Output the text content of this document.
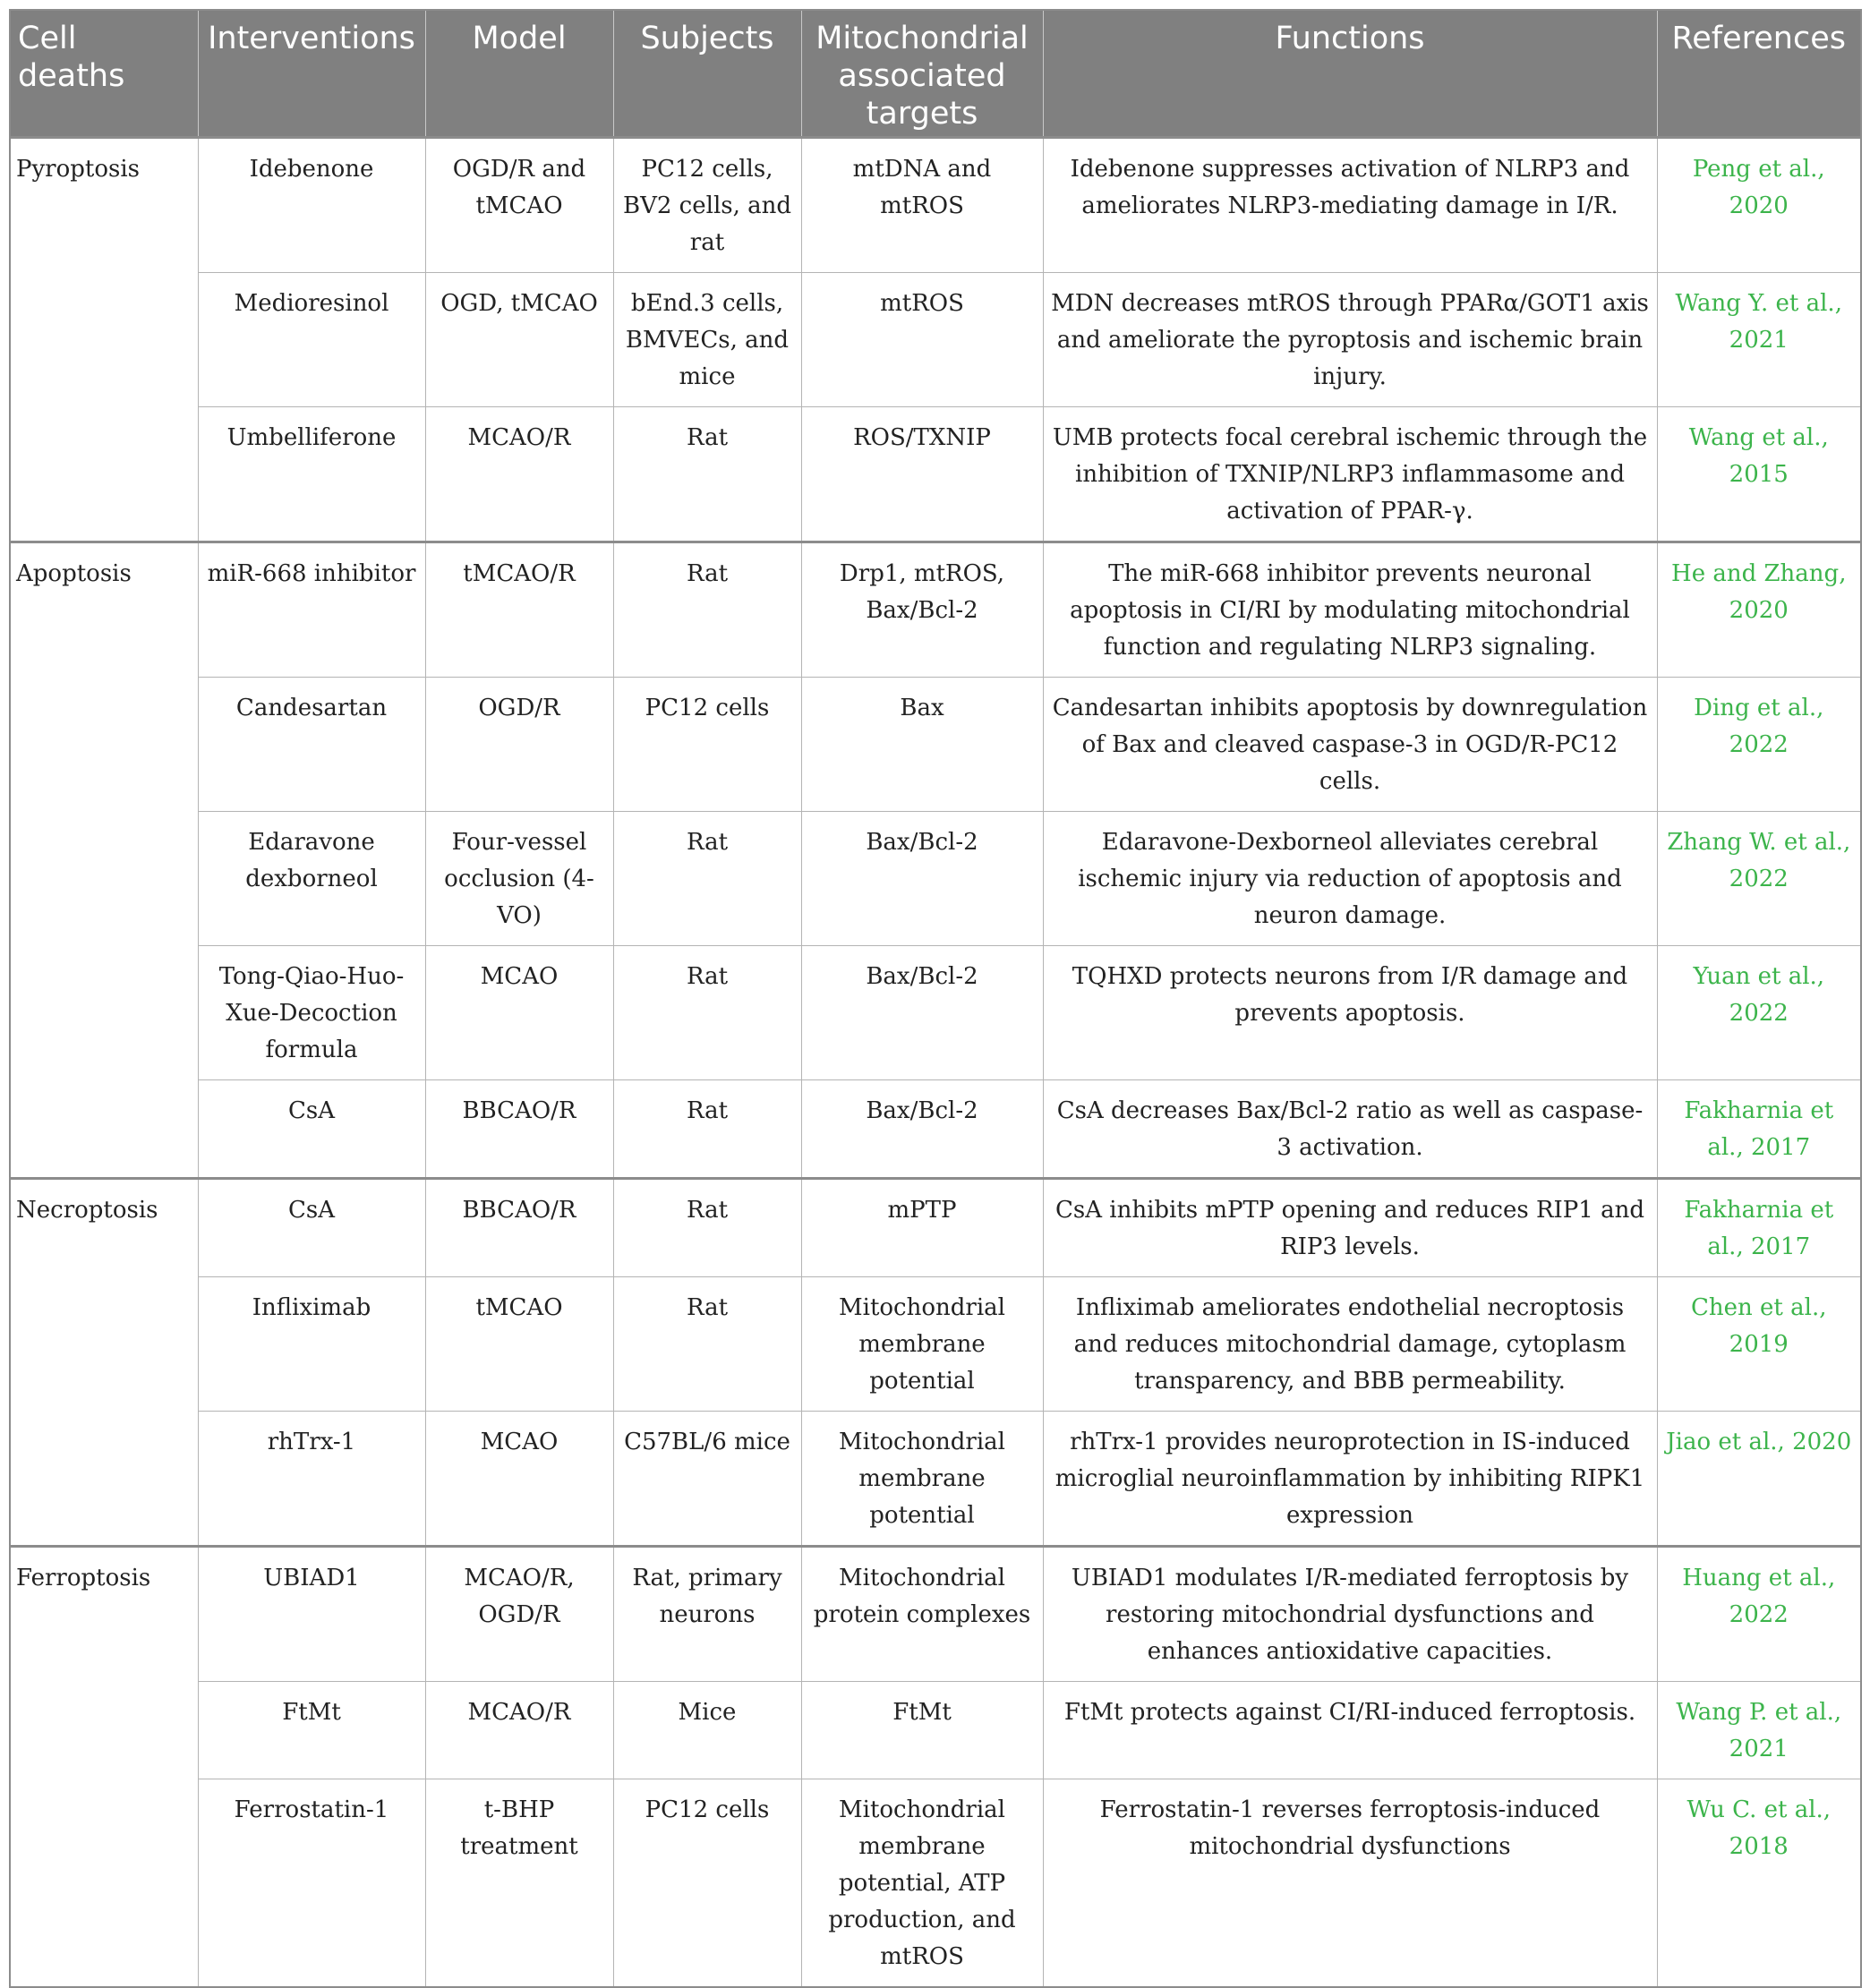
Cell deaths	Interventions	Model	Subjects	Mitochondrial associated targets	Functions	References
Pyroptosis	Idebenone	OGD/R and tMCAO	PC12 cells, BV2 cells, and rat	mtDNA and mtROS	Idebenone suppresses activation of NLRP3 and ameliorates NLRP3-mediating damage in I/R.	Peng et al., 2020
	Medioresinol	OGD, tMCAO	bEnd.3 cells, BMVECs, and mice	mtROS	MDN decreases mtROS through PPARα/GOT1 axis and ameliorate the pyroptosis and ischemic brain injury.	Wang Y. et al., 2021
	Umbelliferone	MCAO/R	Rat	ROS/TXNIP	UMB protects focal cerebral ischemic through the inhibition of TXNIP/NLRP3 inflammasome and activation of PPAR-γ.	Wang et al., 2015
Apoptosis	miR-668 inhibitor	tMCAO/R	Rat	Drp1, mtROS, Bax/Bcl-2	The miR-668 inhibitor prevents neuronal apoptosis in CI/RI by modulating mitochondrial function and regulating NLRP3 signaling.	He and Zhang, 2020
	Candesartan	OGD/R	PC12 cells	Bax	Candesartan inhibits apoptosis by downregulation of Bax and cleaved caspase-3 in OGD/R-PC12 cells.	Ding et al., 2022
	Edaravone dexborneol	Four-vessel occlusion (4-VO)	Rat	Bax/Bcl-2	Edaravone-Dexborneol alleviates cerebral ischemic injury via reduction of apoptosis and neuron damage.	Zhang W. et al., 2022
	Tong-Qiao-Huo-Xue-Decoction formula	MCAO	Rat	Bax/Bcl-2	TQHXD protects neurons from I/R damage and prevents apoptosis.	Yuan et al., 2022
	CsA	BBCAO/R	Rat	Bax/Bcl-2	CsA decreases Bax/Bcl-2 ratio as well as caspase-3 activation.	Fakharnia et al., 2017
Necroptosis	CsA	BBCAO/R	Rat	mPTP	CsA inhibits mPTP opening and reduces RIP1 and RIP3 levels.	Fakharnia et al., 2017
	Infliximab	tMCAO	Rat	Mitochondrial membrane potential	Infliximab ameliorates endothelial necroptosis and reduces mitochondrial damage, cytoplasm transparency, and BBB permeability.	Chen et al., 2019
	rhTrx-1	MCAO	C57BL/6 mice	Mitochondrial membrane potential	rhTrx-1 provides neuroprotection in IS-induced microglial neuroinflammation by inhibiting RIPK1 expression	Jiao et al., 2020
Ferroptosis	UBIAD1	MCAO/R, OGD/R	Rat, primary neurons	Mitochondrial protein complexes	UBIAD1 modulates I/R-mediated ferroptosis by restoring mitochondrial dysfunctions and enhances antioxidative capacities.	Huang et al., 2022
	FtMt	MCAO/R	Mice	FtMt	FtMt protects against CI/RI-induced ferroptosis.	Wang P. et al., 2021
	Ferrostatin-1	t-BHP treatment	PC12 cells	Mitochondrial membrane potential, ATP production, and mtROS	Ferrostatin-1 reverses ferroptosis-induced mitochondrial dysfunctions	Wu C. et al., 2018
